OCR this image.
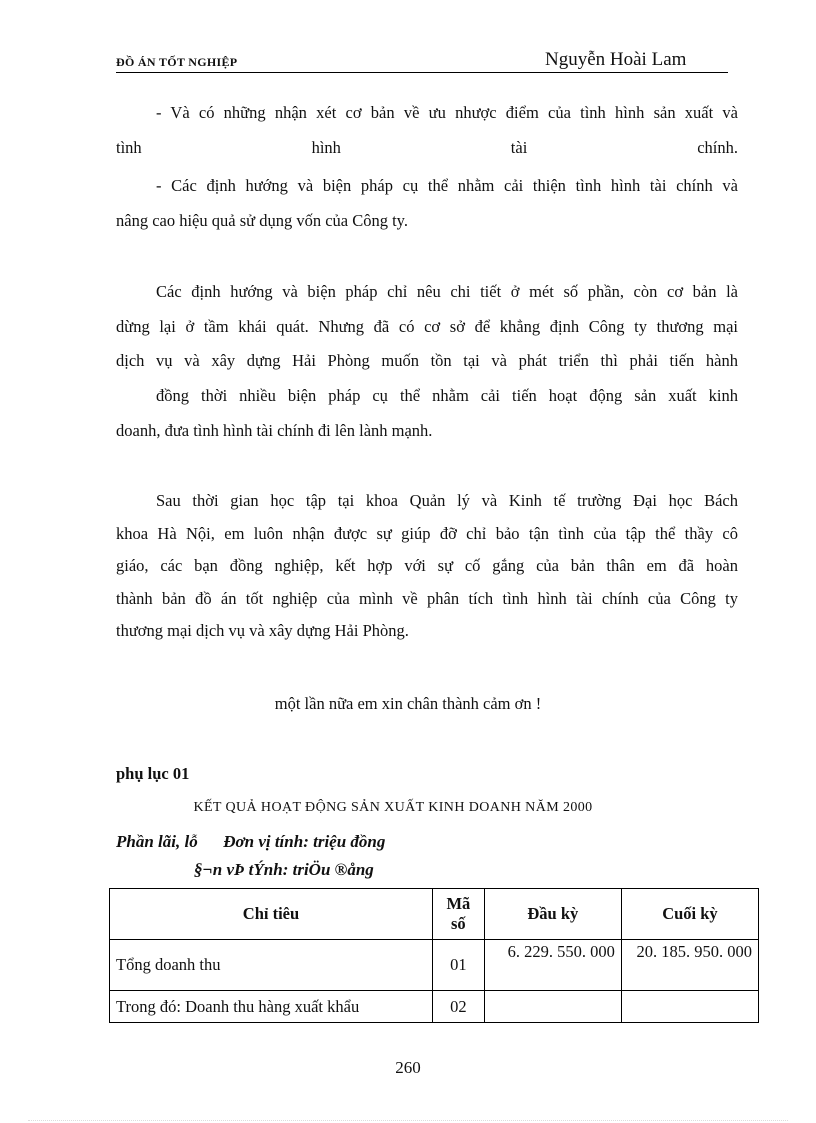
ĐỒ ÁN TỐT NGHIỆP	Nguyễn Hoài Lam
- Và có những nhận xét cơ bản về ưu nhược điểm của tình hình sản xuất và
tình	hình	tài	chính.
- Các định hướng và biện pháp cụ thể nhằm cải thiện tình hình tài chính và
nâng cao hiệu quả sử dụng vốn của Công ty.
Các định hướng và biện pháp chỉ nêu chi tiết ở mét số phần, còn cơ bản là
dừng lại ở tầm khái quát. Nhưng đã có cơ sở để khẳng định Công ty thương mại
dịch vụ và xây dựng Hải Phòng muốn tồn tại và phát triển thì phải tiến hành
đồng thời nhiều biện pháp cụ thể nhằm cải tiến hoạt động sản xuất kinh
doanh, đưa tình hình tài chính đi lên lành mạnh.
Sau thời gian học tập tại khoa Quản lý và Kinh tế trường Đại học Bách
khoa Hà Nội, em luôn nhận được sự giúp đỡ chỉ bảo tận tình của tập thể thầy cô
giáo, các bạn đồng nghiệp, kết hợp với sự cố gắng của bản thân em đã hoàn
thành bản đồ án tốt nghiệp của mình về phân tích tình hình tài chính của Công ty
thương mại dịch vụ và xây dựng Hải Phòng.
một lần nữa em xin chân thành cảm ơn !
phụ lục 01
KẾT QUẢ HOẠT ĐỘNG SẢN XUẤT KINH DOANH NĂM 2000
Phần lãi, lỗ      Đơn vị tính: triệu đồng
§¬n vÞ tÝnh: triÖu ®ång
Chỉ tiêu	Mã số	Đầu kỳ	Cuối kỳ
Tổng doanh thu	01	6. 229. 550. 000	20. 185. 950. 000
Trong đó: Doanh thu hàng xuất khẩu	02		
260
